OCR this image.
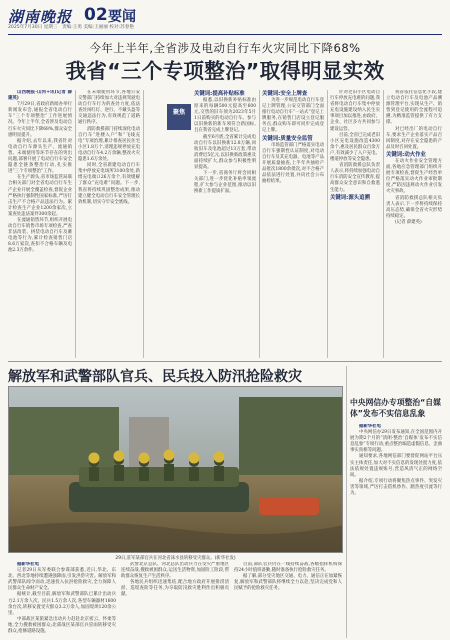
湖南晚报 02 要闻
2025年7月30日 星期三　责编:王勇 美编:王丽丽 校对:苏春艳
今年上半年,全省涉及电动自行车火灾同比下降68%
我省“三个专项整治”取得明显实效

山西晚报·山河+讯(记者 薛建英)

7月29日,省政府新闻办举行新闻发布会,通报全省电动自行车“三个专项整治”工作进展情况。今年上半年,全省涉及电动自行车火灾同比下降68%,群众安全感明显提升。

据介绍,去年以来,我省针对电动自行车源头生产、流通销售、末端使用等环节存在的突出问题,部署开展了电动自行车安全隐患全链条整治行动,扎实推进“三个专项整治”工作。

在生产源头,省市场监管局联合相关部门对全省电动自行车生产企业开展全覆盖检查,督促企业严格执行强制性国家标准,严厉打击生产不合格产品违法行为。累计检查生产企业1200余家次,立案查处违法案件300余起。

在流通销售环节,组织开展电动自行车销售市场专项检查,严查非法改装、拼装电动自行车及蓄电池等行为,累计检查销售门店8.6万家次,查扣不合格车辆及电池2.3万余件。

在末端使用环节,各地公安交警部门持续加大对违规驾驶电动自行车行为的查处力度,依法查处闯红灯、逆行、不戴头盔等交通违法行为,有效规范了道路通行秩序。

消防救援部门持续深化电动自行车“进楼入户”和“飞线充电”专项治理,累计排查居民住宅小区1.8万个,清理违规停放充电电动自行车4.2万余辆,整改火灾隐患1.6万余处。

同时,全省新建电动自行车集中停放充电场所3100余处,新增充电端口26万余个,有效缓解了群众“充电难”问题。下一步,我省将持续巩固整治成果,推动建立健全电动自行车安全管理长效机制,切实守牢安全底线。

聚焦

关键词:提高补贴标准

据悉,以旧换新补贴标准由原来的每辆500元提高至600元,交售的旧车须为2023年5月1日前购买的电动自行车。参与以旧换新的新车须符合新国标,且在我省完成上牌登记。

截至6月底,全省累计完成电动自行车以旧换新12.8万辆,回收旧车及电池超过13万套,带动消费近5亿元,以旧换新政策惠及面持续扩大,群众参与积极性明显提高。

下一步,省商务厅将会同相关部门,进一步优化补贴申领流程,扩大参与企业范围,推动以旧换新工作提质扩面。

关键词:安全上牌查

为进一步规范电动自行车登记上牌管理,公安交管部门全面推行电动自行车“一站式”登记上牌服务,在销售门店设立登记服务点,群众购车即可同步完成登记上牌。

关键词:质量安全监管

市场监管部门严格落实电动自行车强制性认证制度,对电动自行车及其充电器、电池等产品开展质量抽查,上半年共抽检产品批次1800余批次,对不合格产品依法进行处置,并向社会公布抽检结果。

针对老旧小区电动自行车停放充电难的问题,我省将电动自行车集中停放充电设施建设纳入民生实事项目加以推进,由政府、企业、社区多方共同参与建设运营。

目前,全省已完成老旧小区充电设施改造4300余个,惠及居民群众百余万户,有效减少了入户充电、楼道停放等安全隐患。

省消防救援总队负责人表示,将持续加强电动自行车消防安全宣传教育,提高群众安全意识和自救逃生能力。

关键词:源头追溯

我省依托信息化手段,建立电动自行车及电池产品溯源管理平台,实现从生产、销售到登记使用的全流程可追溯,为精准监管提供了有力支撑。

对已经出厂的电动自行车,要求生产企业落实产品召回制度,对存在安全隐患的产品及时召回处置。

关键词:动火作业

在动火作业安全管理方面,各地应急管理部门组织开展专项检查,督促生产经营单位严格落实动火作业审批制度,严防因违规动火作业引发火灾事故。

省消防救援总队相关负责人表示,下一步将持续保持高压态势,确保全省火灾形势持续稳定。

(记者 薛建英)

解放军和武警部队官兵、民兵投入防汛抢险救灾
29日,驻军某部官兵在河北省涞水县转移受灾群众。(新华社发)

据新华社电

记者29日从军委联合参谋部获悉,近日,华北、东北、西北等地持续遭遇强降雨,引发洪涝灾害。解放军和武警部队闻令而动,迅速投入抗洪抢险救灾,全力保障人民群众生命财产安全。

据统计,截至目前,解放军和武警部队已累计出动兵力2.1万余人次、民兵1.5万余人次,各型车辆器材1600余台次,转移安置受灾群众3.2万余人,加固堤坝120余公里。

中部战区某旅紧急出动兵力赶赴北京密云、怀柔等地,全力搜救被困群众;北部战区某部官兵冒雨转移受灾群众,抢修道路设施。

武警北京总队、河北总队出动兵力在受灾严重地区连续奋战,搜救被困群众,运送生活物资,加固险工险段,帮助群众恢复生产生活秩序。

各地民兵组织迅速集结,配合地方政府开展排涝清淤、巡堤查险等任务,为夺取防汛救灾胜利作出积极贡献。

目前,部队官兵仍在一线持续奋战,各级指挥机构保持24小时值班备勤,随时准备执行抢险救灾任务。

据了解,部分受灾地区交通、电力、通信正在加紧恢复,解放军和武警部队将继续全力以赴,坚决完成党和人民赋予的抢险救灾任务。

中央网信办专项整治“自媒体”发布不实信息乱象

据新华社电

中央网信办29日发布通知,在全国范围内开展为期2个月的“清朗·整治‘自媒体’发布不实信息乱象”专项行动,重点整治编造虚假信息、歪曲事实真相等问题。

通知要求,各地网信部门要督促网站平台压实主体责任,加大对不实信息的发现处置力度,依法依规处置违规账号,营造风清气正的网络空间。

据介绍,专项行动将聚焦热点事件、突发灾害等领域,严厉打击借机炒作、蹭热度引流等行为。
